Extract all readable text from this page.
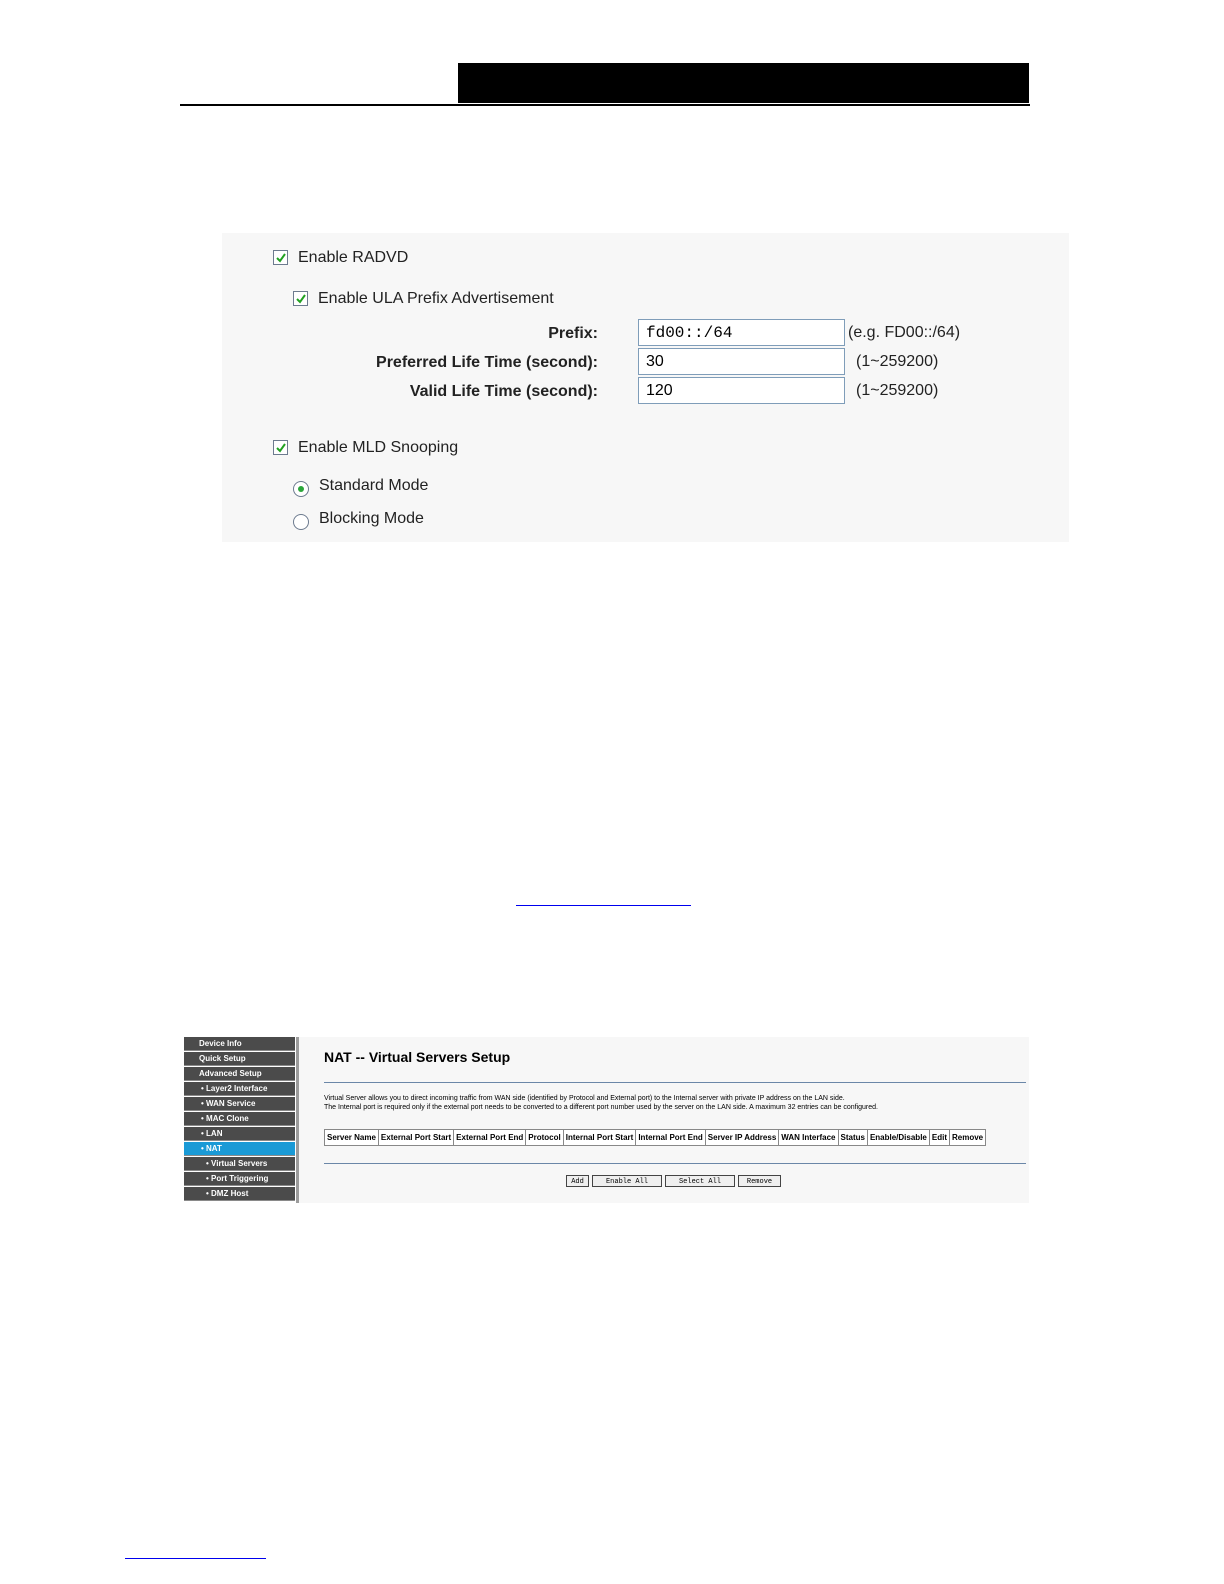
Enable RADVD
Enable ULA Prefix Advertisement
Prefix:
fd00::/64	(e.g. FD00::/64)
Preferred Life Time (second):
30	(1~259200)
Valid Life Time (second):
120	(1~259200)
Enable MLD Snooping
Standard Mode
Blocking Mode
Device Info
Quick Setup
Advanced Setup
• Layer2 Interface
• WAN Service
• MAC Clone
• LAN
• NAT
• Virtual Servers
• Port Triggering
• DMZ Host
NAT -- Virtual Servers Setup
Virtual Server allows you to direct incoming traffic from WAN side (identified by Protocol and External port) to the Internal server with private IP address on the LAN side.
The Internal port is required only if the external port needs to be converted to a different port number used by the server on the LAN side. A maximum 32 entries can be configured.
Server Name	External Port Start	External Port End	Protocol	Internal Port Start	Internal Port End	Server IP Address	WAN Interface	Status	Enable/Disable	Edit	Remove
Add	Enable All	Select All	Remove
